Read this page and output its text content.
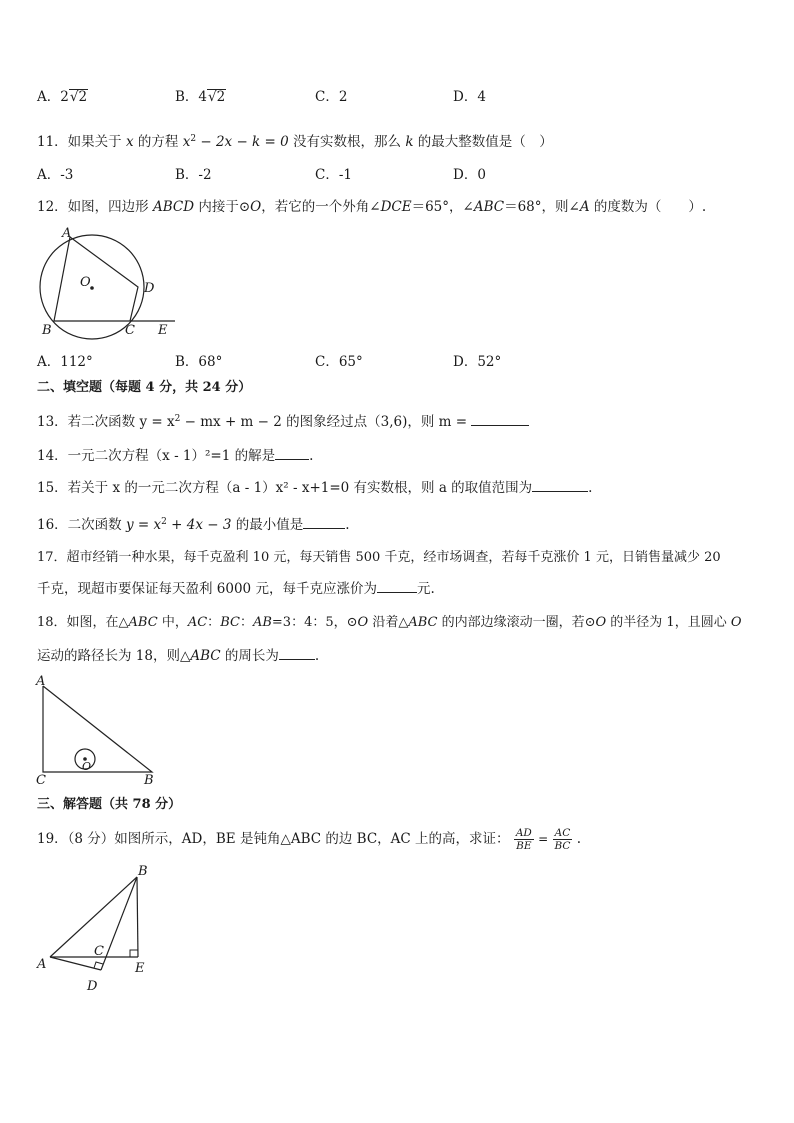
A．2√2	B．4√2	C．2	D．4
11．如果关于 x 的方程 $x^2 - 2x - k = 0$ 没有实数根，那么 k 的最大整数值是（　）
A．-3	B．-2	C．-1	D．0
12．如图，四边形 ABCD 内接于⊙O，若它的一个外角∠DCE＝65°，∠ABC＝68°，则∠A 的度数为（　　）.
A
B	C
D
E
O
A．112°	B．68°	C．65°	D．52°
二、填空题（每题 4 分，共 24 分）
13．若二次函数 $y = x^2$ − mx + m − 2 的图象经过点（3,6)，则 m =
14．一元二次方程（x - 1）²=1 的解是	.
15．若关于 x 的一元二次方程（a - 1）x² - x+1=0 有实数根，则 a 的取值范围为	.
16．二次函数 $y = x^2 + 4x - 3$ 的最小值是	.
17．超市经销一种水果，每千克盈利 10 元，每天销售 500 千克，经市场调查，若每千克涨价 1 元，日销售量减少 20
千克，现超市要保证每天盈利 6000 元，每千克应涨价为	元.
18．如图，在△ABC 中，AC：BC：AB=3：4：5，⊙O 沿着△ABC 的内部边缘滚动一圈，若⊙O 的半径为 1，且圆心 O
运动的路径长为 18，则△ABC 的周长为	.
A
C	B
O
三、解答题（共 78 分）
19．（8 分）如图所示，AD，BE 是钝角△ABC 的边 BC，AC 上的高，求证： $\frac{AD}{BE} = \frac{AC}{BC}$ .
B
A
C
D
E
